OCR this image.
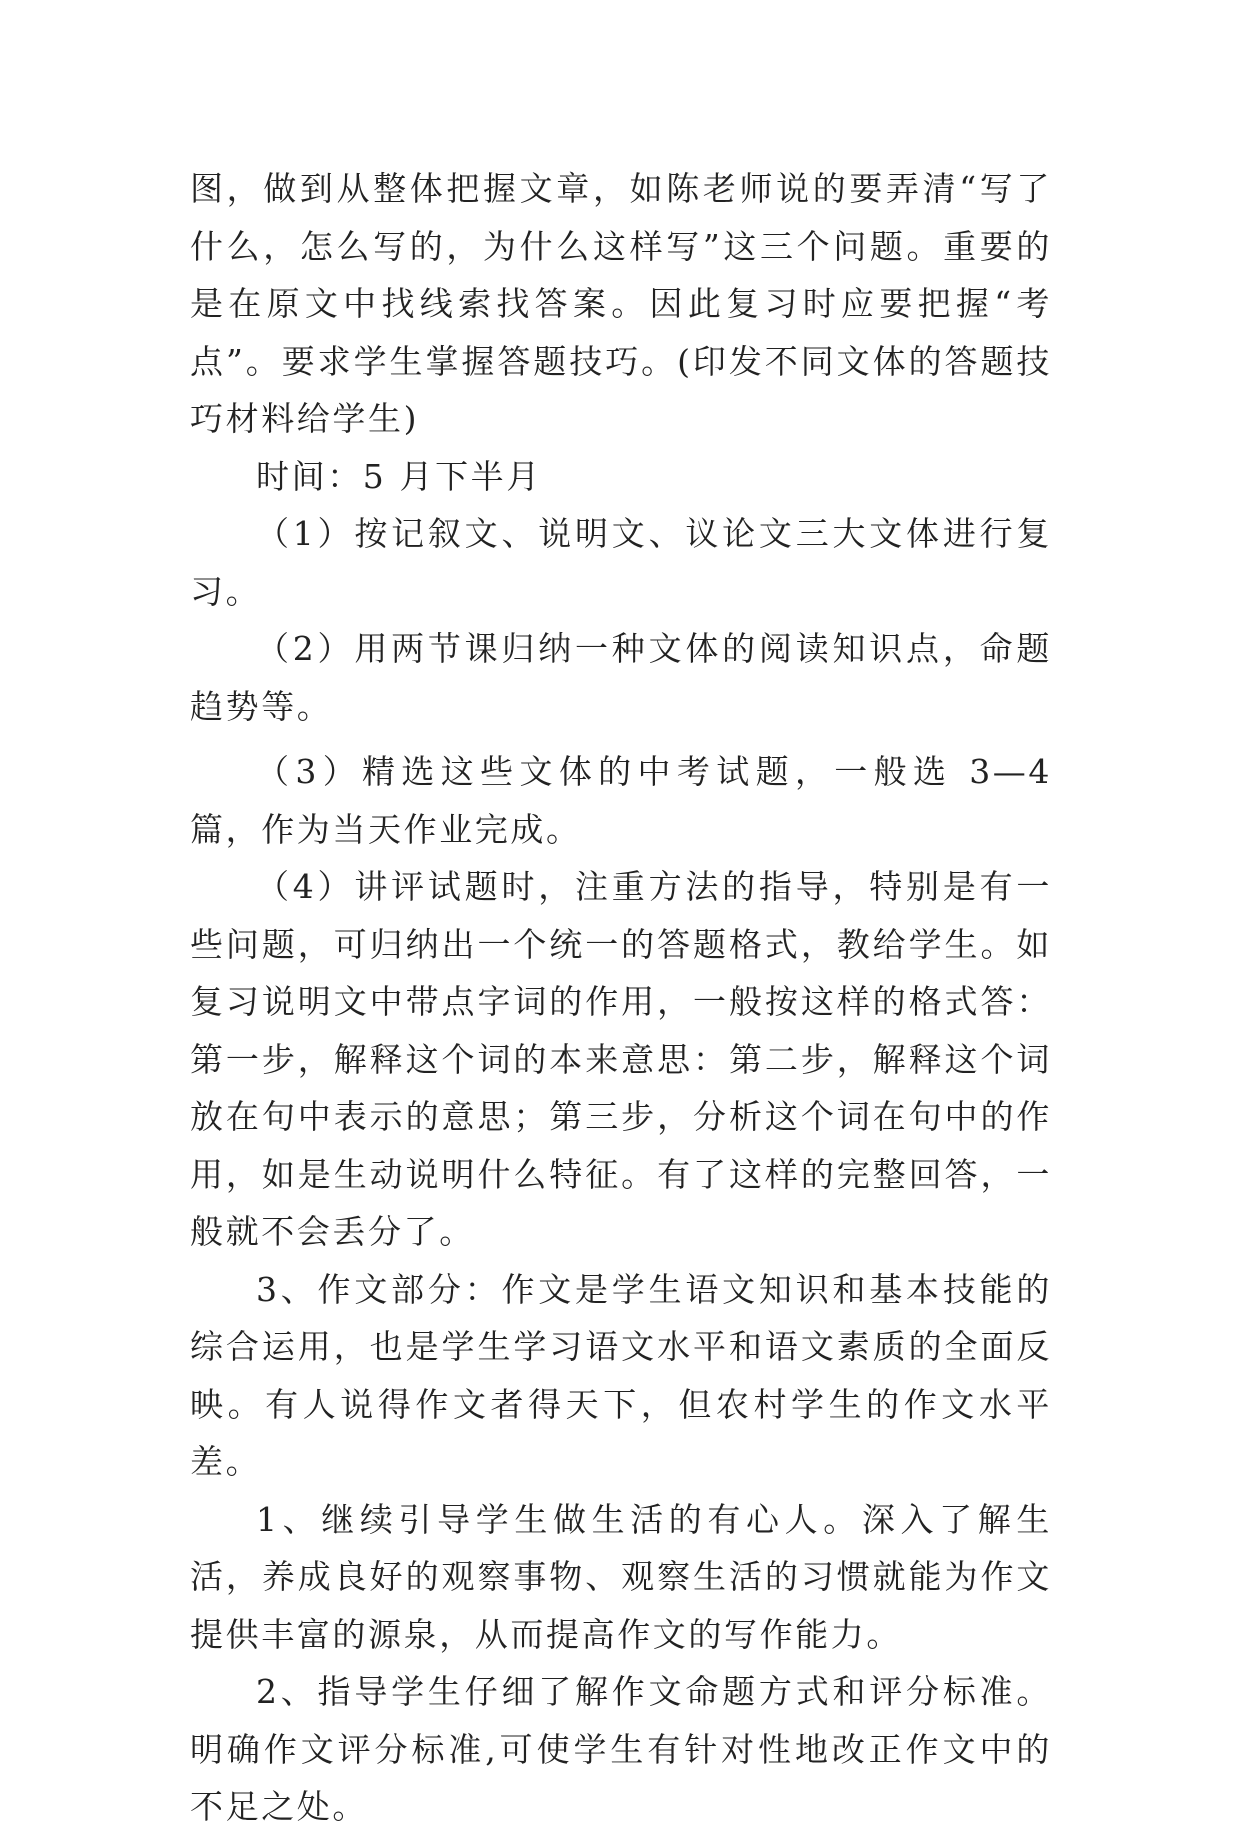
图，做到从整体把握文章，如陈老师说的要弄清“写了什么，怎么写的，为什么这样写”这三个问题。重要的是在原文中找线索找答案。因此复习时应要把握“考点”。要求学生掌握答题技巧。(印发不同文体的答题技巧材料给学生)

时间：5 月下半月

（1）按记叙文、说明文、议论文三大文体进行复习。

（2）用两节课归纳一种文体的阅读知识点，命题趋势等。

（3）精选这些文体的中考试题，一般选 3—4 篇，作为当天作业完成。

（4）讲评试题时，注重方法的指导，特别是有一些问题，可归纳出一个统一的答题格式，教给学生。如复习说明文中带点字词的作用，一般按这样的格式答：第一步，解释这个词的本来意思：第二步，解释这个词放在句中表示的意思；第三步，分析这个词在句中的作用，如是生动说明什么特征。有了这样的完整回答，一般就不会丢分了。

3、作文部分：作文是学生语文知识和基本技能的综合运用，也是学生学习语文水平和语文素质的全面反映。有人说得作文者得天下，但农村学生的作文水平差。

1、继续引导学生做生活的有心人。深入了解生活，养成良好的观察事物、观察生活的习惯就能为作文提供丰富的源泉，从而提高作文的写作能力。

2、指导学生仔细了解作文命题方式和评分标准。明确作文评分标准,可使学生有针对性地改正作文中的不足之处。
